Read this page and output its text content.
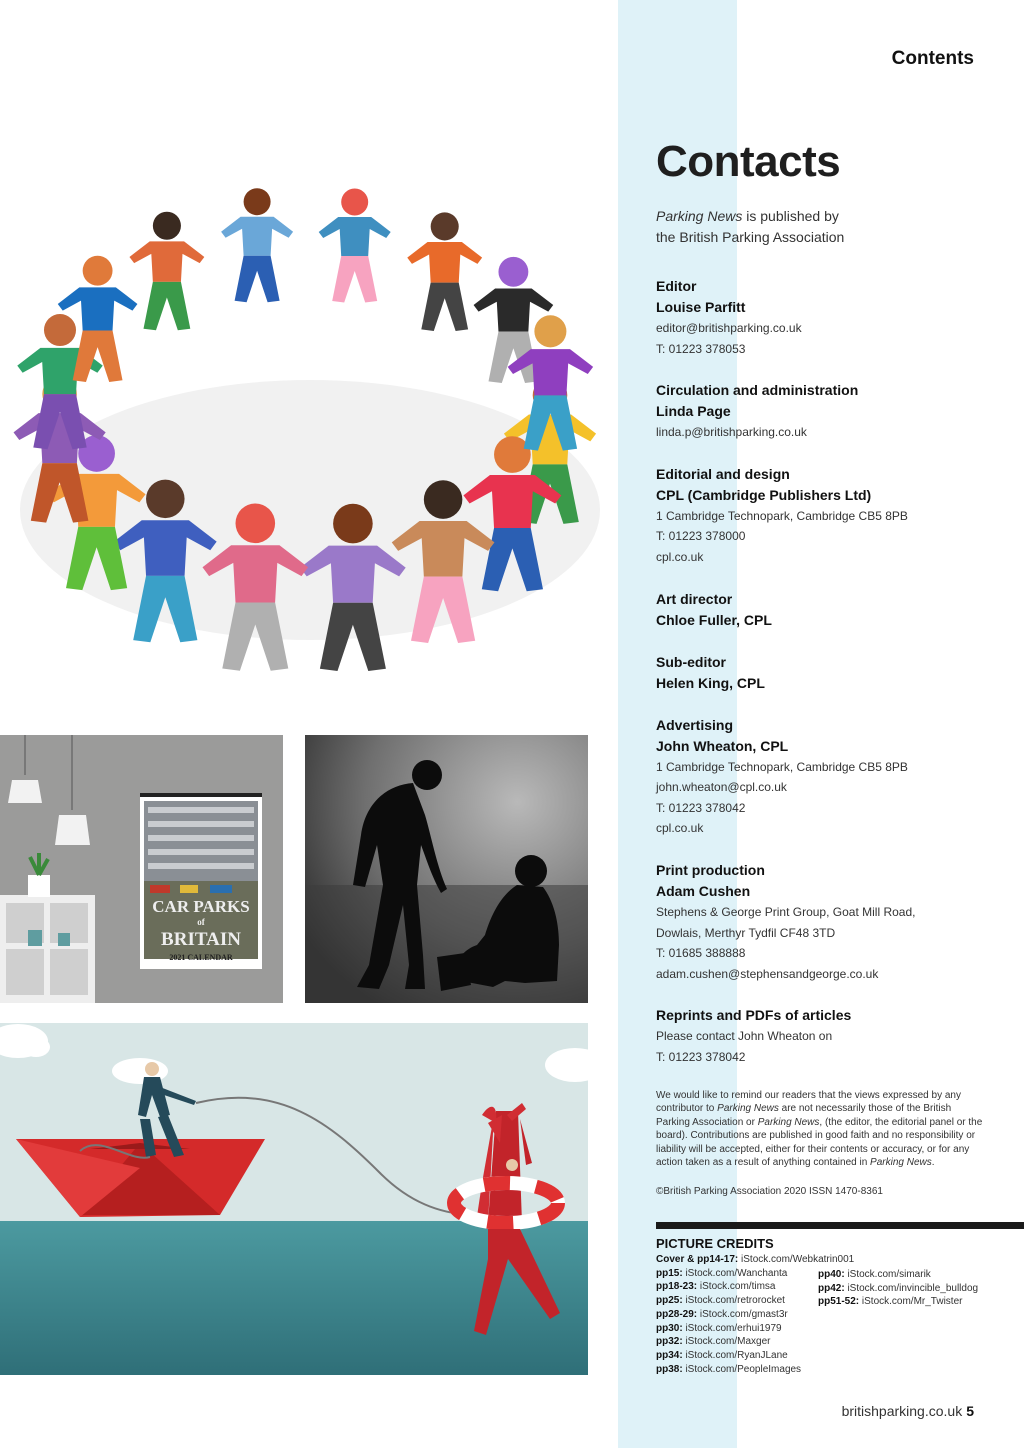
Contents
CAR PARKS
of
BRITAIN
2021 CALENDAR
Contacts

Parking News is published by
the British Parking Association

Editor
Louise Parfitt
editor@britishparking.co.uk
T: 01223 378053
Circulation and administration
Linda Page
linda.p@britishparking.co.uk
Editorial and design
CPL (Cambridge Publishers Ltd)
1 Cambridge Technopark, Cambridge CB5 8PB
T: 01223 378000
cpl.co.uk
Art director
Chloe Fuller, CPL
Sub-editor
Helen King, CPL
Advertising
John Wheaton, CPL
1 Cambridge Technopark, Cambridge CB5 8PB
john.wheaton@cpl.co.uk
T: 01223 378042
cpl.co.uk
Print production
Adam Cushen
Stephens & George Print Group, Goat Mill Road,
Dowlais, Merthyr Tydfil CF48 3TD
T: 01685 388888
adam.cushen@stephensandgeorge.co.uk
Reprints and PDFs of articles
Please contact John Wheaton on
T: 01223 378042

We would like to remind our readers that the views expressed by any contributor to Parking News are not necessarily those of the British Parking Association or Parking News, (the editor, the editorial panel or the board). Contributions are published in good faith and no responsibility or liability will be accepted, either for their contents or accuracy, or for any action taken as a result of anything contained in Parking News.

©British Parking Association 2020 ISSN 1470-8361

PICTURE CREDITS
Cover & pp14-17: iStock.com/Webkatrin001
pp15: iStock.com/Wanchanta
pp18-23: iStock.com/timsa
pp25: iStock.com/retrorocket
pp28-29: iStock.com/gmast3r
pp30: iStock.com/erhui1979
pp32: iStock.com/Maxger
pp34: iStock.com/RyanJLane
pp38: iStock.com/PeopleImages
pp40: iStock.com/simarik
pp42: iStock.com/invincible_bulldog
pp51-52: iStock.com/Mr_Twister
britishparking.co.uk 5
